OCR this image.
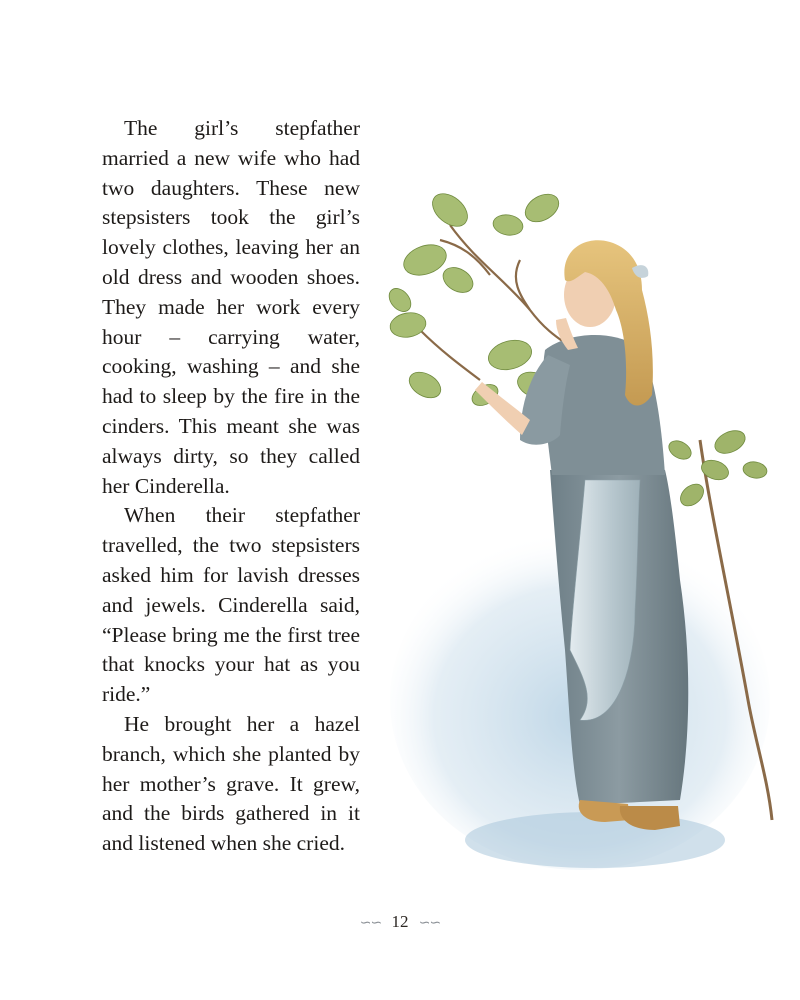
The girl’s stepfather married a new wife who had two daughters. These new stepsisters took the girl’s lovely clothes, leaving her an old dress and wooden shoes. They made her work every hour – carrying water, cooking, washing – and she had to sleep by the fire in the cinders. This meant she was always dirty, so they called her Cinderella.

When their stepfather travelled, the two stepsisters asked him for lavish dresses and jewels. Cinderella said, “Please bring me the first tree that knocks your hat as you ride.”

He brought her a hazel branch, which she planted by her mother’s grave. It grew, and the birds gathered in it and listened when she cried.

∽∽ 12 ∽∽
